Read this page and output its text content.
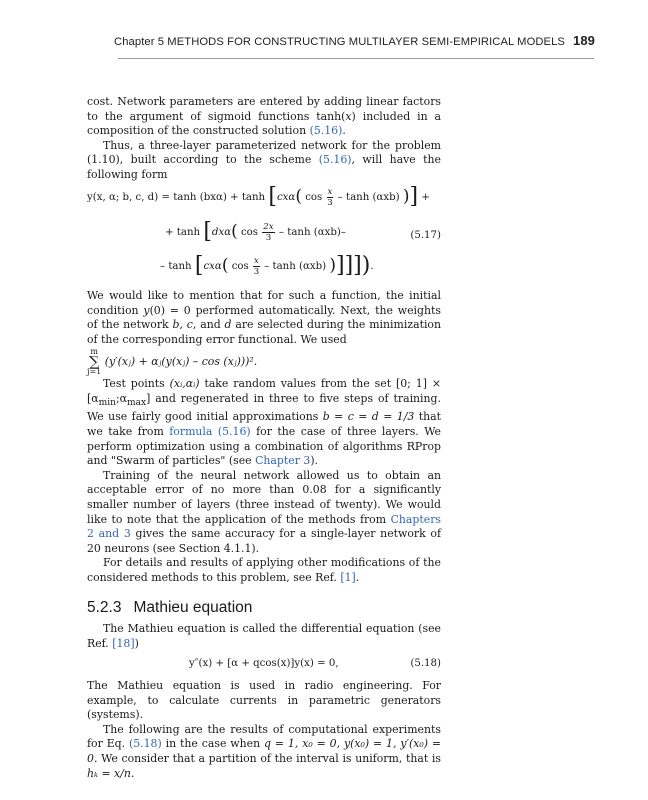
Chapter 5 METHODS FOR CONSTRUCTING MULTILAYER SEMI-EMPIRICAL MODELS 189

cost. Network parameters are entered by adding linear factors to the argument of sigmoid functions tanh(x) included in a composition of the constructed solution (5.16).

Thus, a three-layer parameterized network for the problem (1.10), built according to the scheme (5.16), will have the following form

y(x, α; b, c, d) = tanh (bxα) + tanh [cxα( $\cos \frac{x}{3}$ – tanh (αxb) )] +
+ tanh [dxα( $\cos \frac{2x}{3}$ – tanh (αxb)–	(5.17)
– tanh [cxα( $\cos \frac{x}{3}$ – tanh (αxb) )]]]).

We would like to mention that for such a function, the initial condition y(0) = 0 performed automatically. Next, the weights of the network b, c, and d are selected during the minimization of the corresponding error functional. We used

m
∑
j=1 (y′(xⱼ) + αⱼ(y(xⱼ) – cos (xⱼ)))².

Test points (xᵢ,αᵢ) take random values from the set [0; $1] \times [\alpha_{min};\alpha_{max}]$ and regenerated in three to five steps of training. We use fairly good initial approximations b = c = d = 1/3 that we take from formula (5.16) for the case of three layers. We perform optimization using a combination of algorithms RProp and "Swarm of particles" (see Chapter 3).

Training of the neural network allowed us to obtain an acceptable error of no more than 0.08 for a significantly smaller number of layers (three instead of twenty). We would like to note that the application of the methods from Chapters 2 and 3 gives the same accuracy for a single-layer network of 20 neurons (see Section 4.1.1).

For details and results of applying other modifications of the considered methods to this problem, see Ref. [1].

5.2.3 Mathieu equation

The Mathieu equation is called the differential equation (see Ref. [18])

y″(x) + [α + qcos(x)]y(x) = 0,	(5.18)

The Mathieu equation is used in radio engineering. For example, to calculate currents in parametric generators (systems).

The following are the results of computational experiments for Eq. (5.18) in the case when q = 1, x₀ = 0, y(x₀) = 1, y′(x₀) = 0. We consider that a partition of the interval is uniform, that is hₖ = x/n.
